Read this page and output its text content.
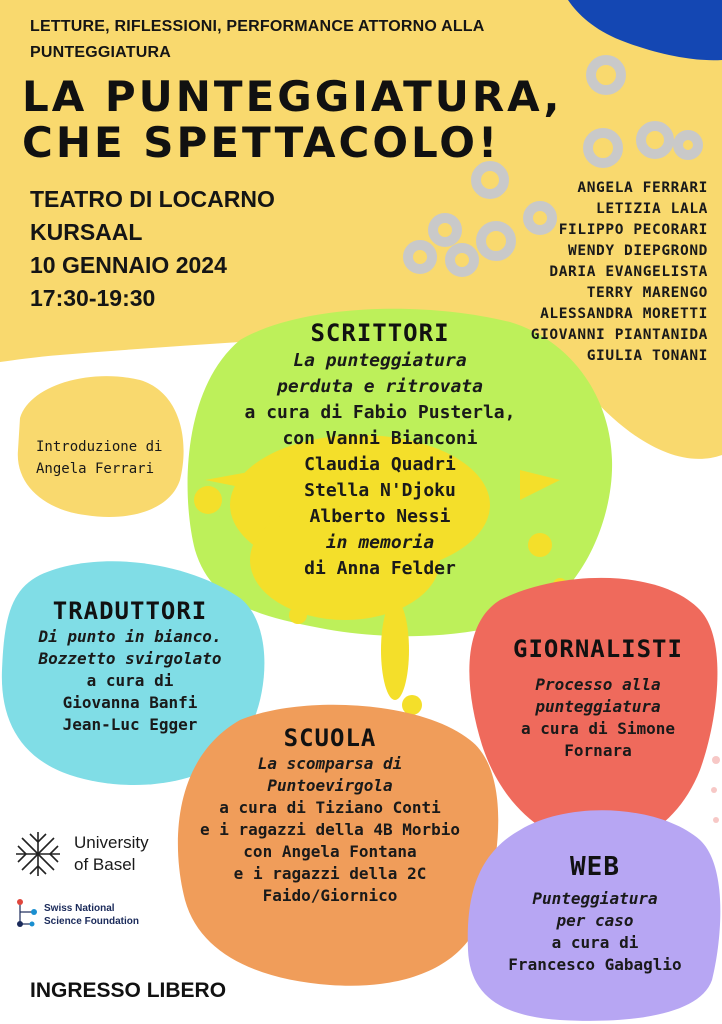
LETTURE, RIFLESSIONI, PERFORMANCE ATTORNO ALLA PUNTEGGIATURA
LA PUNTEGGIATURA,
CHE SPETTACOLO!
TEATRO DI LOCARNO
KURSAAL
10 GENNAIO 2024
17:30-19:30
ANGELA FERRARI
LETIZIA LALA
FILIPPO PECORARI
WENDY DIEPGROND
DARIA EVANGELISTA
TERRY MARENGO
ALESSANDRA MORETTI
GIOVANNI PIANTANIDA
GIULIA TONANI
Introduzione di
Angela Ferrari
SCRITTORI
La punteggiatura
perduta e ritrovata
a cura di Fabio Pusterla,
con Vanni Bianconi
Claudia Quadri
Stella N'Djoku
Alberto Nessi
in memoria
di Anna Felder
TRADUTTORI
Di punto in bianco.
Bozzetto svirgolato
a cura di
Giovanna Banfi
Jean-Luc Egger
GIORNALISTI
Processo alla
punteggiatura
a cura di Simone
Fornara
SCUOLA
La scomparsa di
Puntoevirgola
a cura di Tiziano Conti
e i ragazzi della 4B Morbio
con Angela Fontana
e i ragazzi della 2C
Faido/Giornico
WEB
Punteggiatura
per caso
a cura di
Francesco Gabaglio
University
of Basel
Swiss National
Science Foundation
INGRESSO LIBERO
